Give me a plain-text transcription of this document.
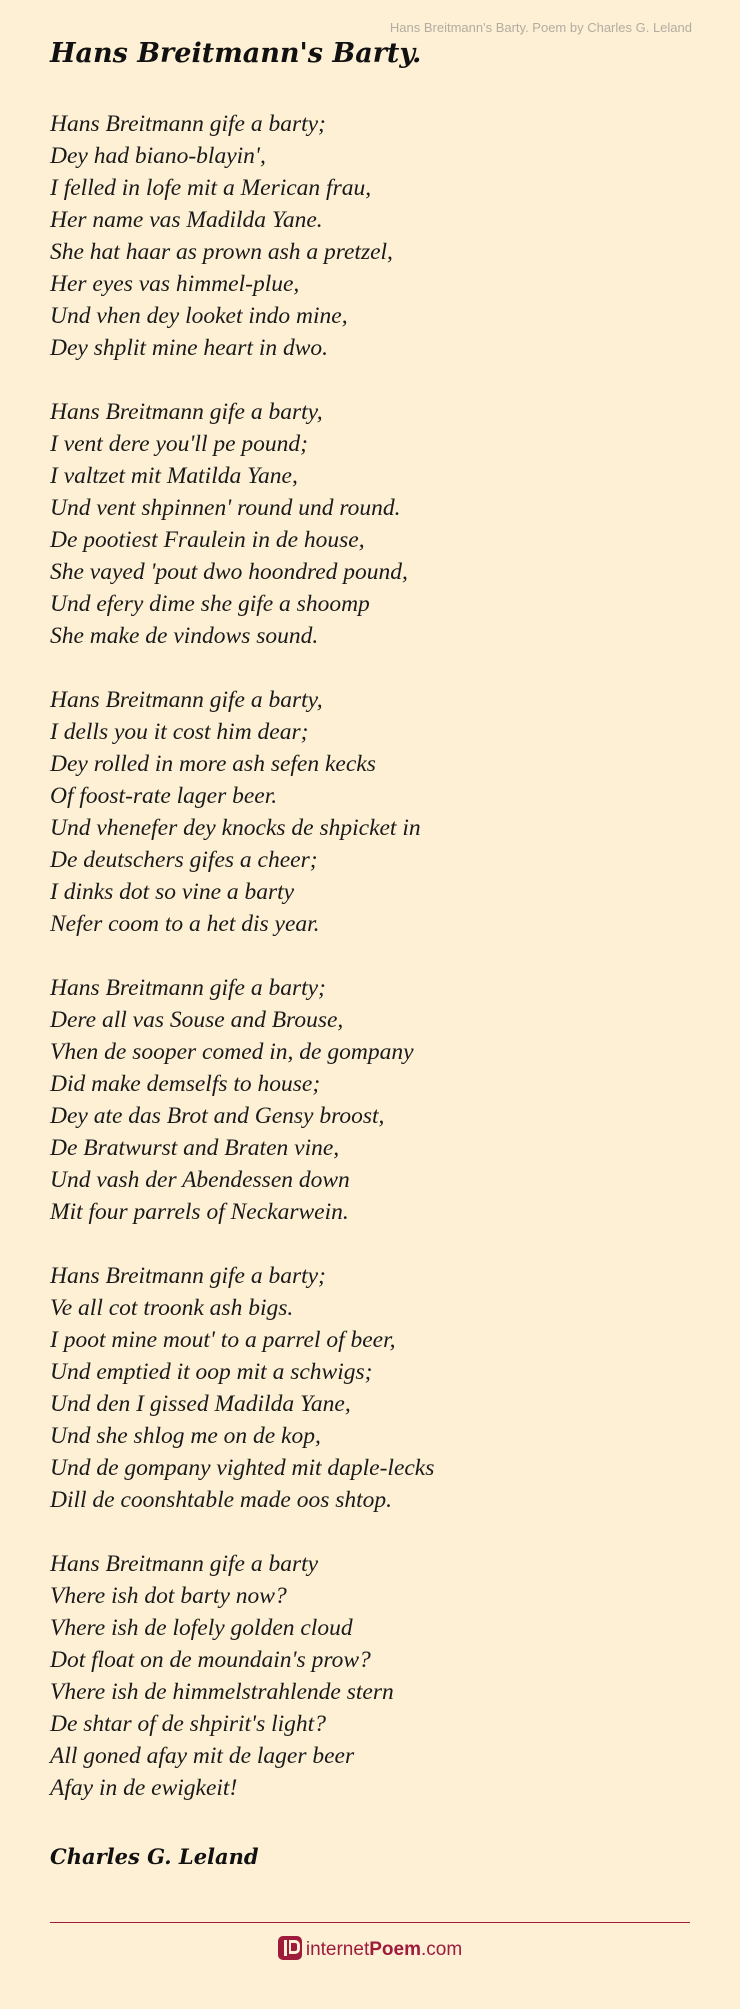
Hans Breitmann's Barty. Poem by Charles G. Leland
Hans Breitmann's Barty.
Hans Breitmann gife a barty;
Dey had biano-blayin',
I felled in lofe mit a Merican frau,
Her name vas Madilda Yane.
She hat haar as prown ash a pretzel,
Her eyes vas himmel-plue,
Und vhen dey looket indo mine,
Dey shplit mine heart in dwo.
Hans Breitmann gife a barty,
I vent dere you'll pe pound;
I valtzet mit Matilda Yane,
Und vent shpinnen' round und round.
De pootiest Fraulein in de house,
She vayed 'pout dwo hoondred pound,
Und efery dime she gife a shoomp
She make de vindows sound.
Hans Breitmann gife a barty,
I dells you it cost him dear;
Dey rolled in more ash sefen kecks
Of foost-rate lager beer.
Und vhenefer dey knocks de shpicket in
De deutschers gifes a cheer;
I dinks dot so vine a barty
Nefer coom to a het dis year.
Hans Breitmann gife a barty;
Dere all vas Souse and Brouse,
Vhen de sooper comed in, de gompany
Did make demselfs to house;
Dey ate das Brot and Gensy broost,
De Bratwurst and Braten vine,
Und vash der Abendessen down
Mit four parrels of Neckarwein.
Hans Breitmann gife a barty;
Ve all cot troonk ash bigs.
I poot mine mout' to a parrel of beer,
Und emptied it oop mit a schwigs;
Und den I gissed Madilda Yane,
Und she shlog me on de kop,
Und de gompany vighted mit daple-lecks
Dill de coonshtable made oos shtop.
Hans Breitmann gife a barty
Vhere ish dot barty now?
Vhere ish de lofely golden cloud
Dot float on de moundain's prow?
Vhere ish de himmelstrahlende stern
De shtar of de shpirit's light?
All goned afay mit de lager beer
Afay in de ewigkeit!
Charles G. Leland
internetPoem.com
